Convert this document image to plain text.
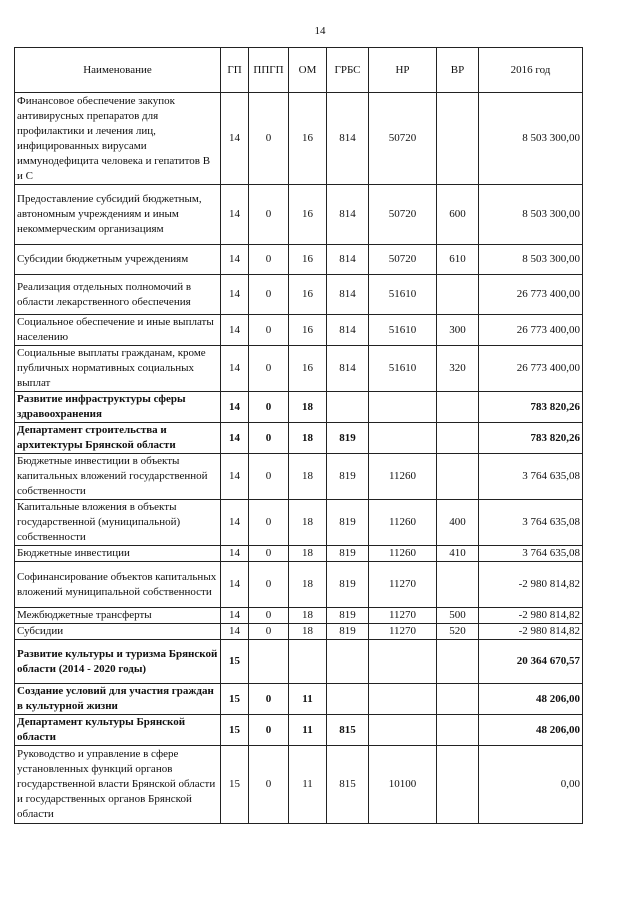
14
Наименование	ГП	ППГП	ОМ	ГРБС	НР	ВР	2016 год
Финансовое обеспечение закупок антивирусных препаратов для профилактики и лечения лиц, инфицированных вирусами иммунодефицита человека и гепатитов В и С	14	0	16	814	50720		8 503 300,00
Предоставление субсидий бюджетным, автономным учреждениям и иным некоммерческим организациям	14	0	16	814	50720	600	8 503 300,00
Субсидии бюджетным учреждениям	14	0	16	814	50720	610	8 503 300,00
Реализация отдельных полномочий в области лекарственного обеспечения	14	0	16	814	51610		26 773 400,00
Социальное обеспечение и иные выплаты населению	14	0	16	814	51610	300	26 773 400,00
Социальные выплаты гражданам, кроме публичных нормативных социальных выплат	14	0	16	814	51610	320	26 773 400,00
Развитие инфраструктуры сферы здравоохранения	14	0	18				783 820,26
Департамент строительства и архитектуры Брянской области	14	0	18	819			783 820,26
Бюджетные инвестиции в объекты капитальных вложений государственной собственности	14	0	18	819	11260		3 764 635,08
Капитальные вложения в объекты государственной (муниципальной) собственности	14	0	18	819	11260	400	3 764 635,08
Бюджетные инвестиции	14	0	18	819	11260	410	3 764 635,08
Софинансирование объектов капитальных вложений муниципальной собственности	14	0	18	819	11270		-2 980 814,82
Межбюджетные трансферты	14	0	18	819	11270	500	-2 980 814,82
Субсидии	14	0	18	819	11270	520	-2 980 814,82
Развитие культуры и туризма Брянской области (2014 - 2020 годы)	15						20 364 670,57
Создание условий для участия граждан в культурной жизни	15	0	11				48 206,00
Департамент культуры Брянской области	15	0	11	815			48 206,00
Руководство и управление в сфере установленных функций органов государственной власти Брянской области и государственных органов Брянской области	15	0	11	815	10100		0,00
